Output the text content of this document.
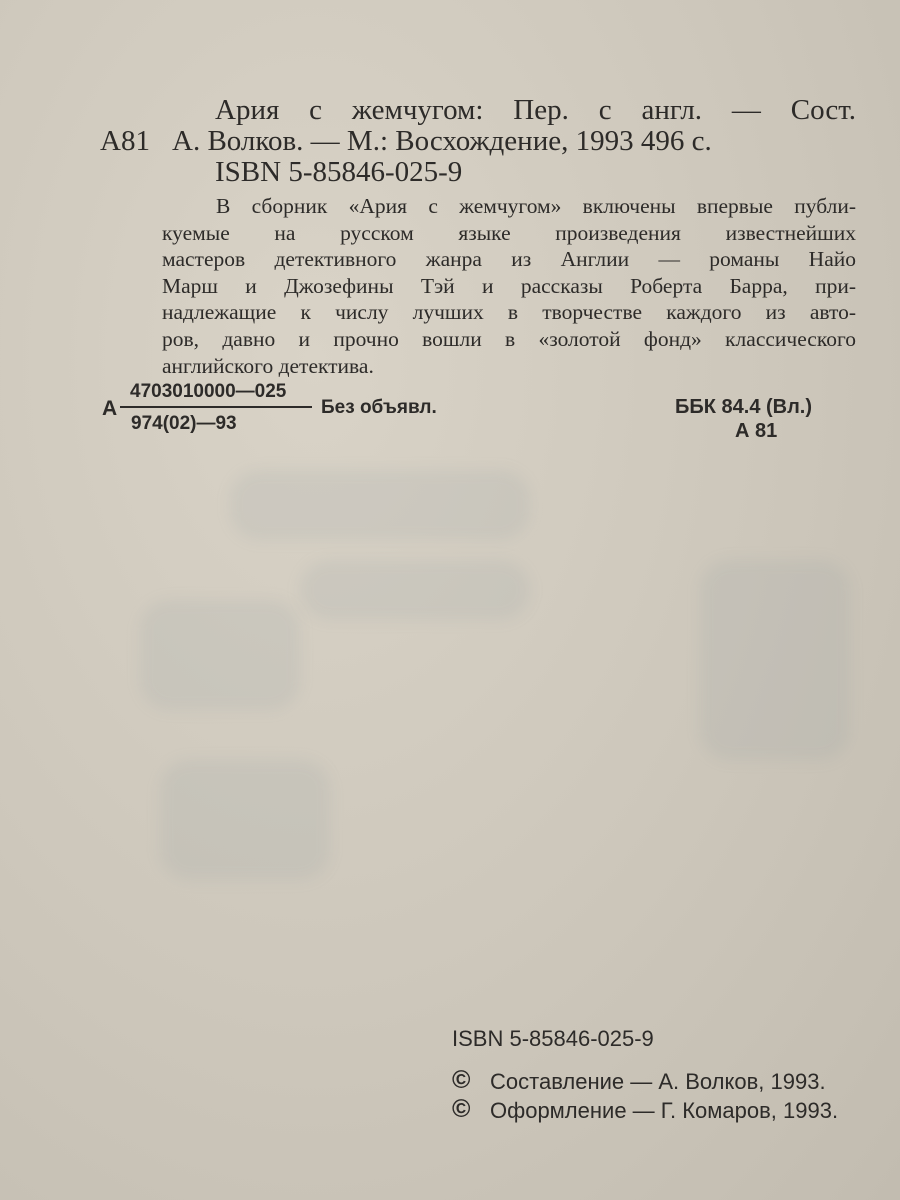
Ария с жемчугом: Пер. с англ. — Сост.
А81 А. Волков. — М.: Восхождение, 1993 496 с.
ISBN 5-85846-025-9
В сборник «Ария с жемчугом» включены впервые публи-
куемые на русском языке произведения известнейших
мастеров детективного жанра из Англии — романы Найо
Марш и Джозефины Тэй и рассказы Роберта Барра, при-
надлежащие к числу лучших в творчестве каждого из авто-
ров, давно и прочно вошли в «золотой фонд» классического
английского детектива.
А
4703010000—025
974(02)—93
Без объявл.	ББК 84.4 (Вл.)
А 81
ISBN 5-85846-025-9
© Составление — А. Волков, 1993.
© Оформление — Г. Комаров, 1993.
